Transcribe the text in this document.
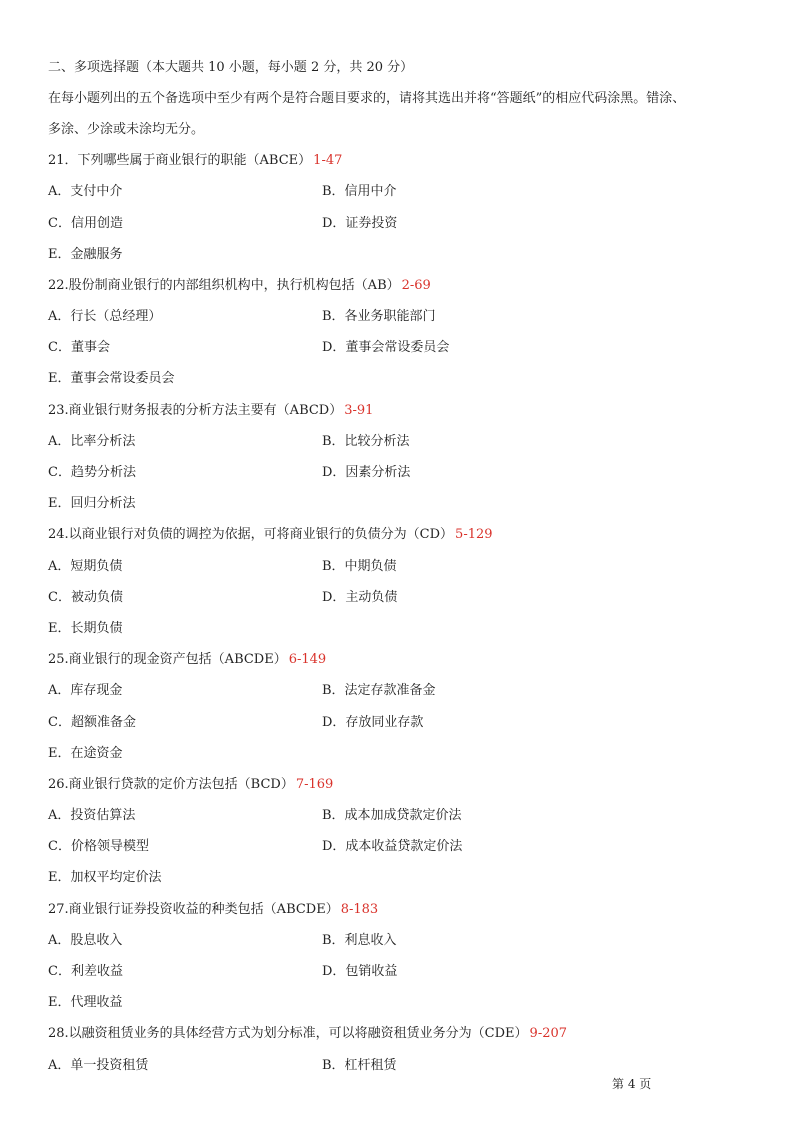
二、多项选择题（本大题共 10 小题，每小题 2 分，共 20 分）
在每小题列出的五个备选项中至少有两个是符合题目要求的，请将其选出并将“答题纸”的相应代码涂黑。错涂、
多涂、少涂或未涂均无分。
21．下列哪些属于商业银行的职能（ABCE） 1-47
A．支付中介	B．信用中介
C．信用创造	D．证券投资
E．金融服务
22.股份制商业银行的内部组织机构中，执行机构包括（AB） 2-69
A．行长（总经理）	B．各业务职能部门
C．董事会	D．董事会常设委员会
E．董事会常设委员会
23.商业银行财务报表的分析方法主要有（ABCD） 3-91
A．比率分析法	B．比较分析法
C．趋势分析法	D．因素分析法
E．回归分析法
24.以商业银行对负债的调控为依据，可将商业银行的负债分为（CD） 5-129
A．短期负债	B．中期负债
C．被动负债	D．主动负债
E．长期负债
25.商业银行的现金资产包括（ABCDE） 6-149
A．库存现金	B．法定存款准备金
C．超额准备金	D．存放同业存款
E．在途资金
26.商业银行贷款的定价方法包括（BCD） 7-169
A．投资估算法	B．成本加成贷款定价法
C．价格领导模型	D．成本收益贷款定价法
E．加权平均定价法
27.商业银行证券投资收益的种类包括（ABCDE） 8-183
A．股息收入	B．利息收入
C．利差收益	D．包销收益
E．代理收益
28.以融资租赁业务的具体经营方式为划分标准，可以将融资租赁业务分为（CDE） 9-207
A．单一投资租赁	B．杠杆租赁
第 4 页
